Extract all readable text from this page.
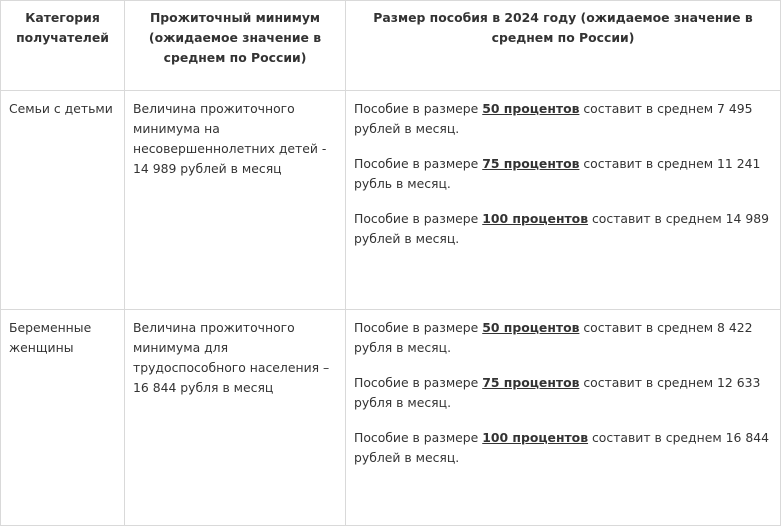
Категория получателей	Прожиточный минимум (ожидаемое значение в среднем по России)	Размер пособия в 2024 году (ожидаемое значение в среднем по России)
Семьи с детьми	Величина прожиточного минимума на несовершеннолетних детей - 14 989 рублей в месяц	Пособие в размере 50 процентов составит в среднем 7 495 рублей в месяц.

Пособие в размере 75 процентов составит в среднем 11 241 рубль в месяц.

Пособие в размере 100 процентов составит в среднем 14 989 рублей в месяц.

Беременные женщины	Величина прожиточного минимума для трудоспособного населения – 16 844 рубля в месяц	Пособие в размере 50 процентов составит в среднем 8 422 рубля в месяц.

Пособие в размере 75 процентов составит в среднем 12 633 рубля в месяц.

Пособие в размере 100 процентов составит в среднем 16 844 рублей в месяц.
